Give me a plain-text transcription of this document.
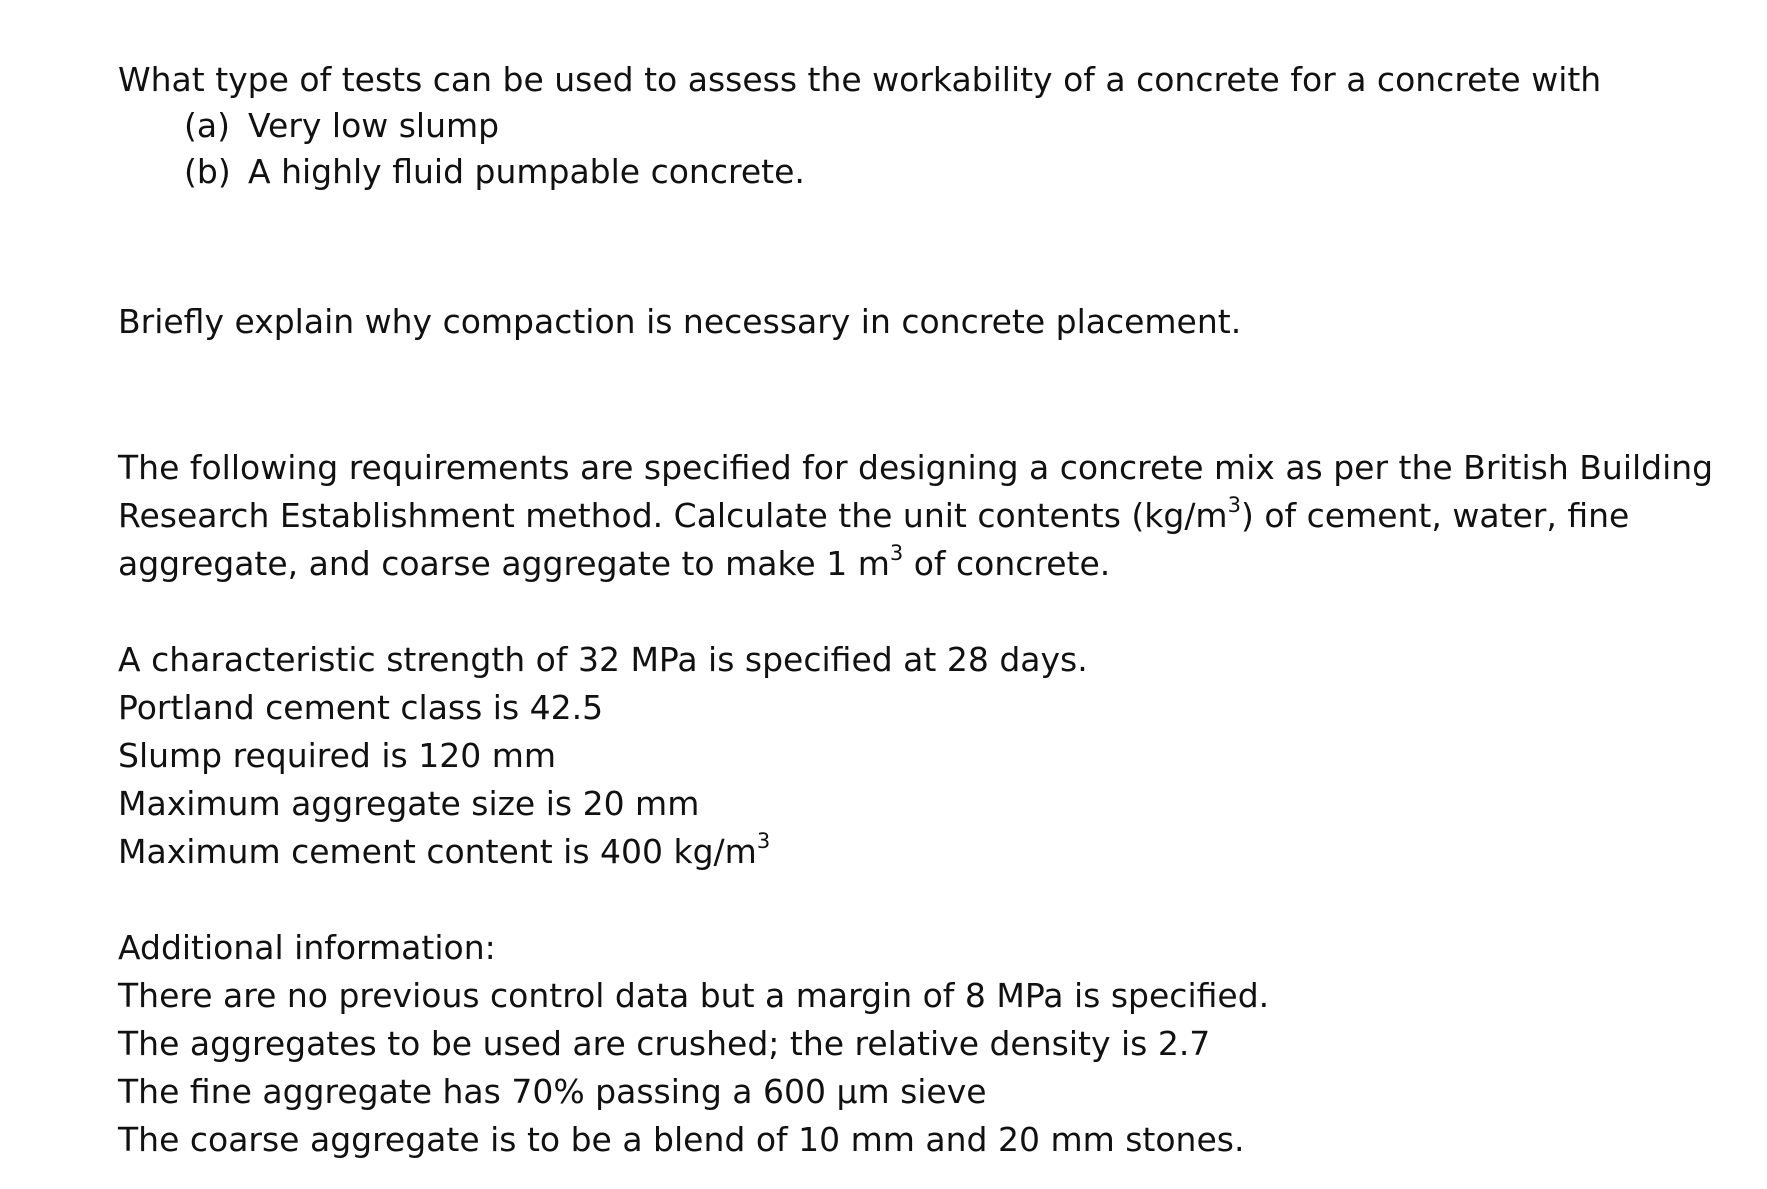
What type of tests can be used to assess the workability of a concrete for a concrete with
(a) Very low slump
(b) A highly fluid pumpable concrete.
Briefly explain why compaction is necessary in concrete placement.
The following requirements are specified for designing a concrete mix as per the British Building
Research Establishment method. Calculate the unit contents $(kg/m^3)$ of cement, water, fine
aggregate, and coarse aggregate to make 1 $m^3$ of concrete.
A characteristic strength of 32 MPa is specified at 28 days.
Portland cement class is 42.5
Slump required is 120 mm
Maximum aggregate size is 20 mm
Maximum cement content is 400 $kg/m^3$
Additional information:
There are no previous control data but a margin of 8 MPa is specified.
The aggregates to be used are crushed; the relative density is 2.7
The fine aggregate has 70% passing a 600 μm sieve
The coarse aggregate is to be a blend of 10 mm and 20 mm stones.
